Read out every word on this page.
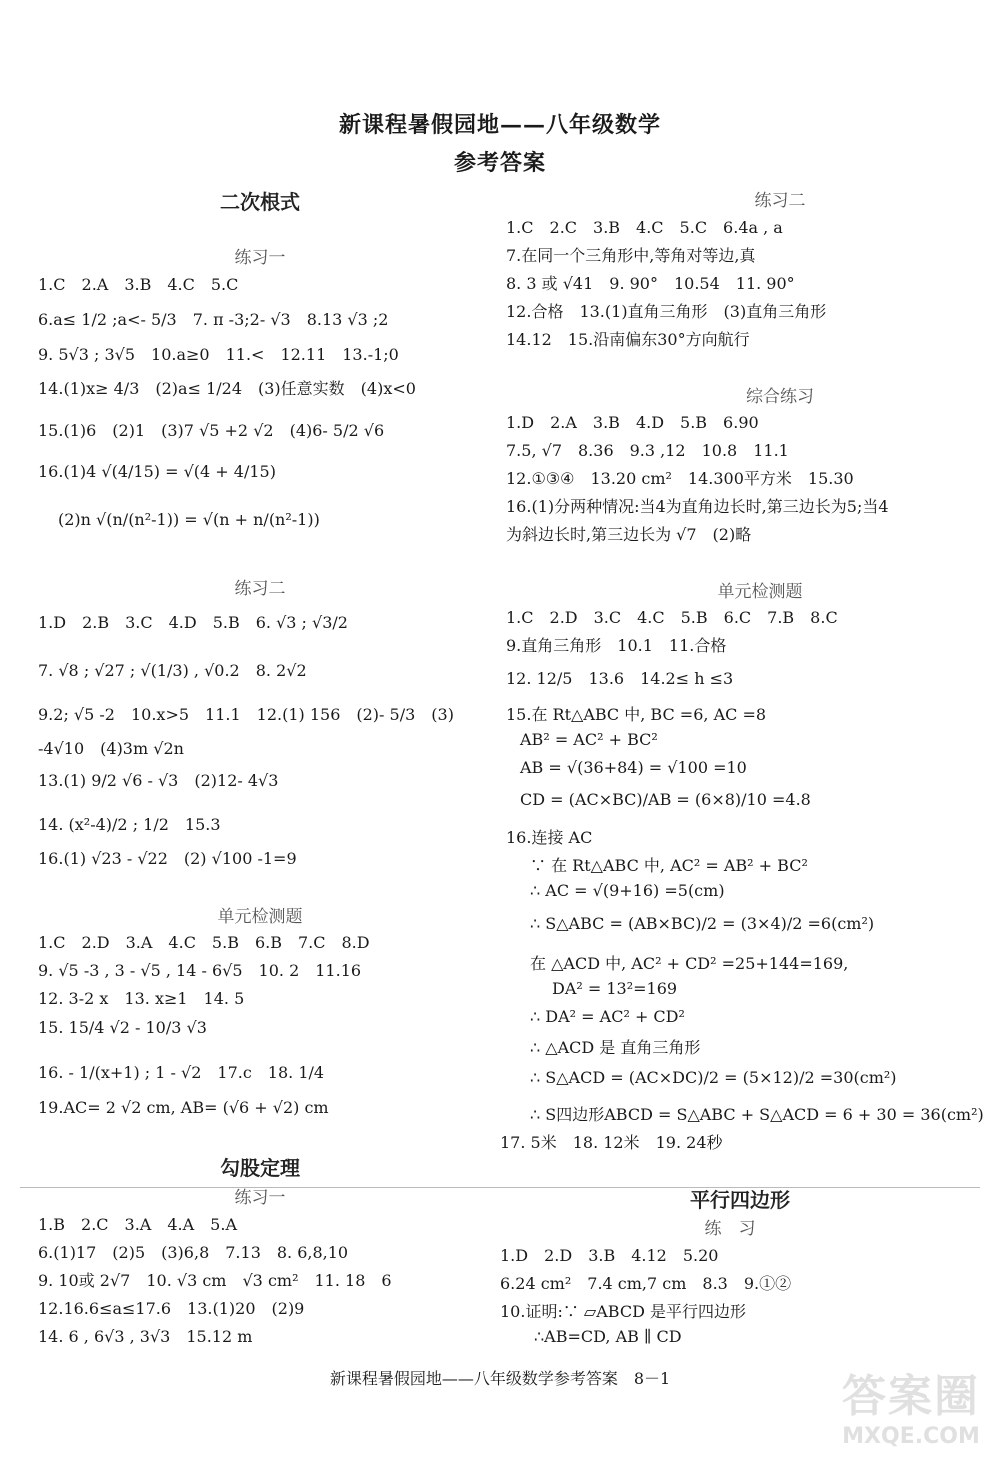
新课程暑假园地——八年级数学
参考答案
二次根式
练习一
1.C　2.A　3.B　4.C　5.C
6.a≤ 1/2 ;a<- 5/3　7. π -3;2- √3　8.13 √3 ;2
9. 5√3 ; 3√5　10.a≥0　11.<　12.11　13.-1;0
14.(1)x≥ 4/3　(2)a≤ 1/24　(3)任意实数　(4)x<0
15.(1)6　(2)1　(3)7 √5 +2 √2　(4)6- 5/2 √6
16.(1)4 √(4/15) = √(4 + 4/15)
(2)n √(n/(n²-1)) = √(n + n/(n²-1))
练习二
1.D　2.B　3.C　4.D　5.B　6. √3 ; √3/2
7. √8 ; √27 ; √(1/3) , √0.2　8. 2√2
9.2; √5 -2　10.x>5　11.1　12.(1) 156　(2)- 5/3　(3)
-4√10　(4)3m √2n
13.(1) 9/2 √6 - √3　(2)12- 4√3
14. (x²-4)/2 ; 1/2　15.3
16.(1) √23 - √22　(2) √100 -1=9
单元检测题
1.C　2.D　3.A　4.C　5.B　6.B　7.C　8.D
9. √5 -3 , 3 - √5 , 14 - 6√5　10. 2　11.16
12. 3-2 x　13. x≥1　14. 5
15. 15/4 √2 - 10/3 √3
16. - 1/(x+1) ; 1 - √2　17.c　18. 1/4
19.AC= 2 √2 cm, AB= (√6 + √2) cm
勾股定理
练习一
1.B　2.C　3.A　4.A　5.A
6.(1)17　(2)5　(3)6,8　7.13　8. 6,8,10
9. 10或 2√7　10. √3 cm　√3 cm²　11. 18　6
12.16.6≤a≤17.6　13.(1)20　(2)9
14. 6 , 6√3 , 3√3　15.12 m
练习二
1.C　2.C　3.B　4.C　5.C　6.4a , a
7.在同一个三角形中,等角对等边,真
8. 3 或 √41　9. 90°　10.54　11. 90°
12.合格　13.(1)直角三角形　(3)直角三角形
14.12　15.沿南偏东30°方向航行
综合练习
1.D　2.A　3.B　4.D　5.B　6.90
7.5, √7　8.36　9.3 ,12　10.8　11.1
12.①③④　13.20 cm²　14.300平方米　15.30
16.(1)分两种情况:当4为直角边长时,第三边长为5;当4
为斜边长时,第三边长为 √7　(2)略
单元检测题
1.C　2.D　3.C　4.C　5.B　6.C　7.B　8.C
9.直角三角形　10.1　11.合格
12. 12/5　13.6　14.2≤ h ≤3
15.在 Rt△ABC 中, BC =6, AC =8
AB² = AC² + BC²
AB = √(36+84) = √100 =10
CD = (AC×BC)/AB = (6×8)/10 =4.8
16.连接 AC
∵ 在 Rt△ABC 中, AC² = AB² + BC²
∴ AC = √(9+16) =5(cm)
∴ S△ABC = (AB×BC)/2 = (3×4)/2 =6(cm²)
在 △ACD 中, AC² + CD² =25+144=169,
DA² = 13²=169
∴ DA² = AC² + CD²
∴ △ACD 是 直角三角形
∴ S△ACD = (AC×DC)/2 = (5×12)/2 =30(cm²)
∴ S四边形ABCD = S△ABC + S△ACD = 6 + 30 = 36(cm²)
17. 5米　18. 12米　19. 24秒
平行四边形
练　习
1.D　2.D　3.B　4.12　5.20
6.24 cm²　7.4 cm,7 cm　8.3　9.①②
10.证明:∵ ▱ABCD 是平行四边形
∴AB=CD, AB ∥ CD
新课程暑假园地——八年级数学参考答案　8－1	答案圈
MXQE.COM
